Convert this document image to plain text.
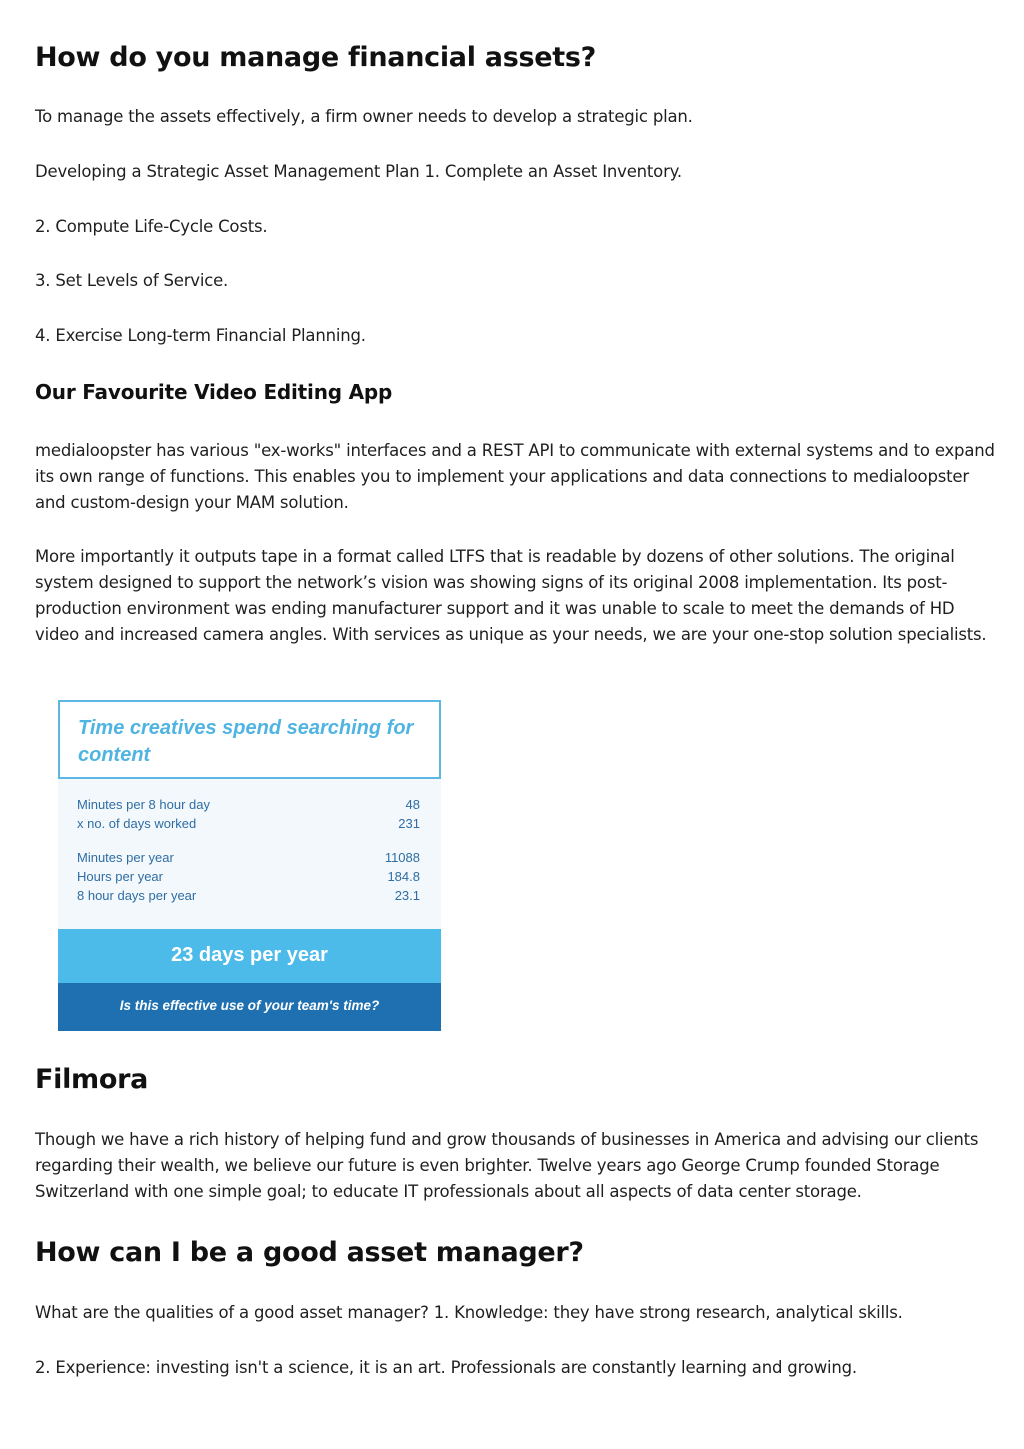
How do you manage financial assets?

To manage the assets effectively, a firm owner needs to develop a strategic plan.

Developing a Strategic Asset Management Plan 1. Complete an Asset Inventory.

2. Compute Life-Cycle Costs.

3. Set Levels of Service.

4. Exercise Long-term Financial Planning.

Our Favourite Video Editing App

medialoopster has various "ex-works" interfaces and a REST API to communicate with external systems and to expand its own range of functions. This enables you to implement your applications and data connections to medialoopster and custom-design your MAM solution.

More importantly it outputs tape in a format called LTFS that is readable by dozens of other solutions. The original system designed to support the network’s vision was showing signs of its original 2008 implementation. Its post-production environment was ending manufacturer support and it was unable to scale to meet the demands of HD video and increased camera angles. With services as unique as your needs, we are your one-stop solution specialists.

Time creatives spend searching for content
Minutes per 8 hour day	48
x no. of days worked	231
Minutes per year	11088
Hours per year	184.8
8 hour days per year	23.1
23 days per year
Is this effective use of your team's time?
Filmora

Though we have a rich history of helping fund and grow thousands of businesses in America and advising our clients regarding their wealth, we believe our future is even brighter. Twelve years ago George Crump founded Storage Switzerland with one simple goal; to educate IT professionals about all aspects of data center storage.

How can I be a good asset manager?

What are the qualities of a good asset manager? 1. Knowledge: they have strong research, analytical skills.

2. Experience: investing isn't a science, it is an art. Professionals are constantly learning and growing.
